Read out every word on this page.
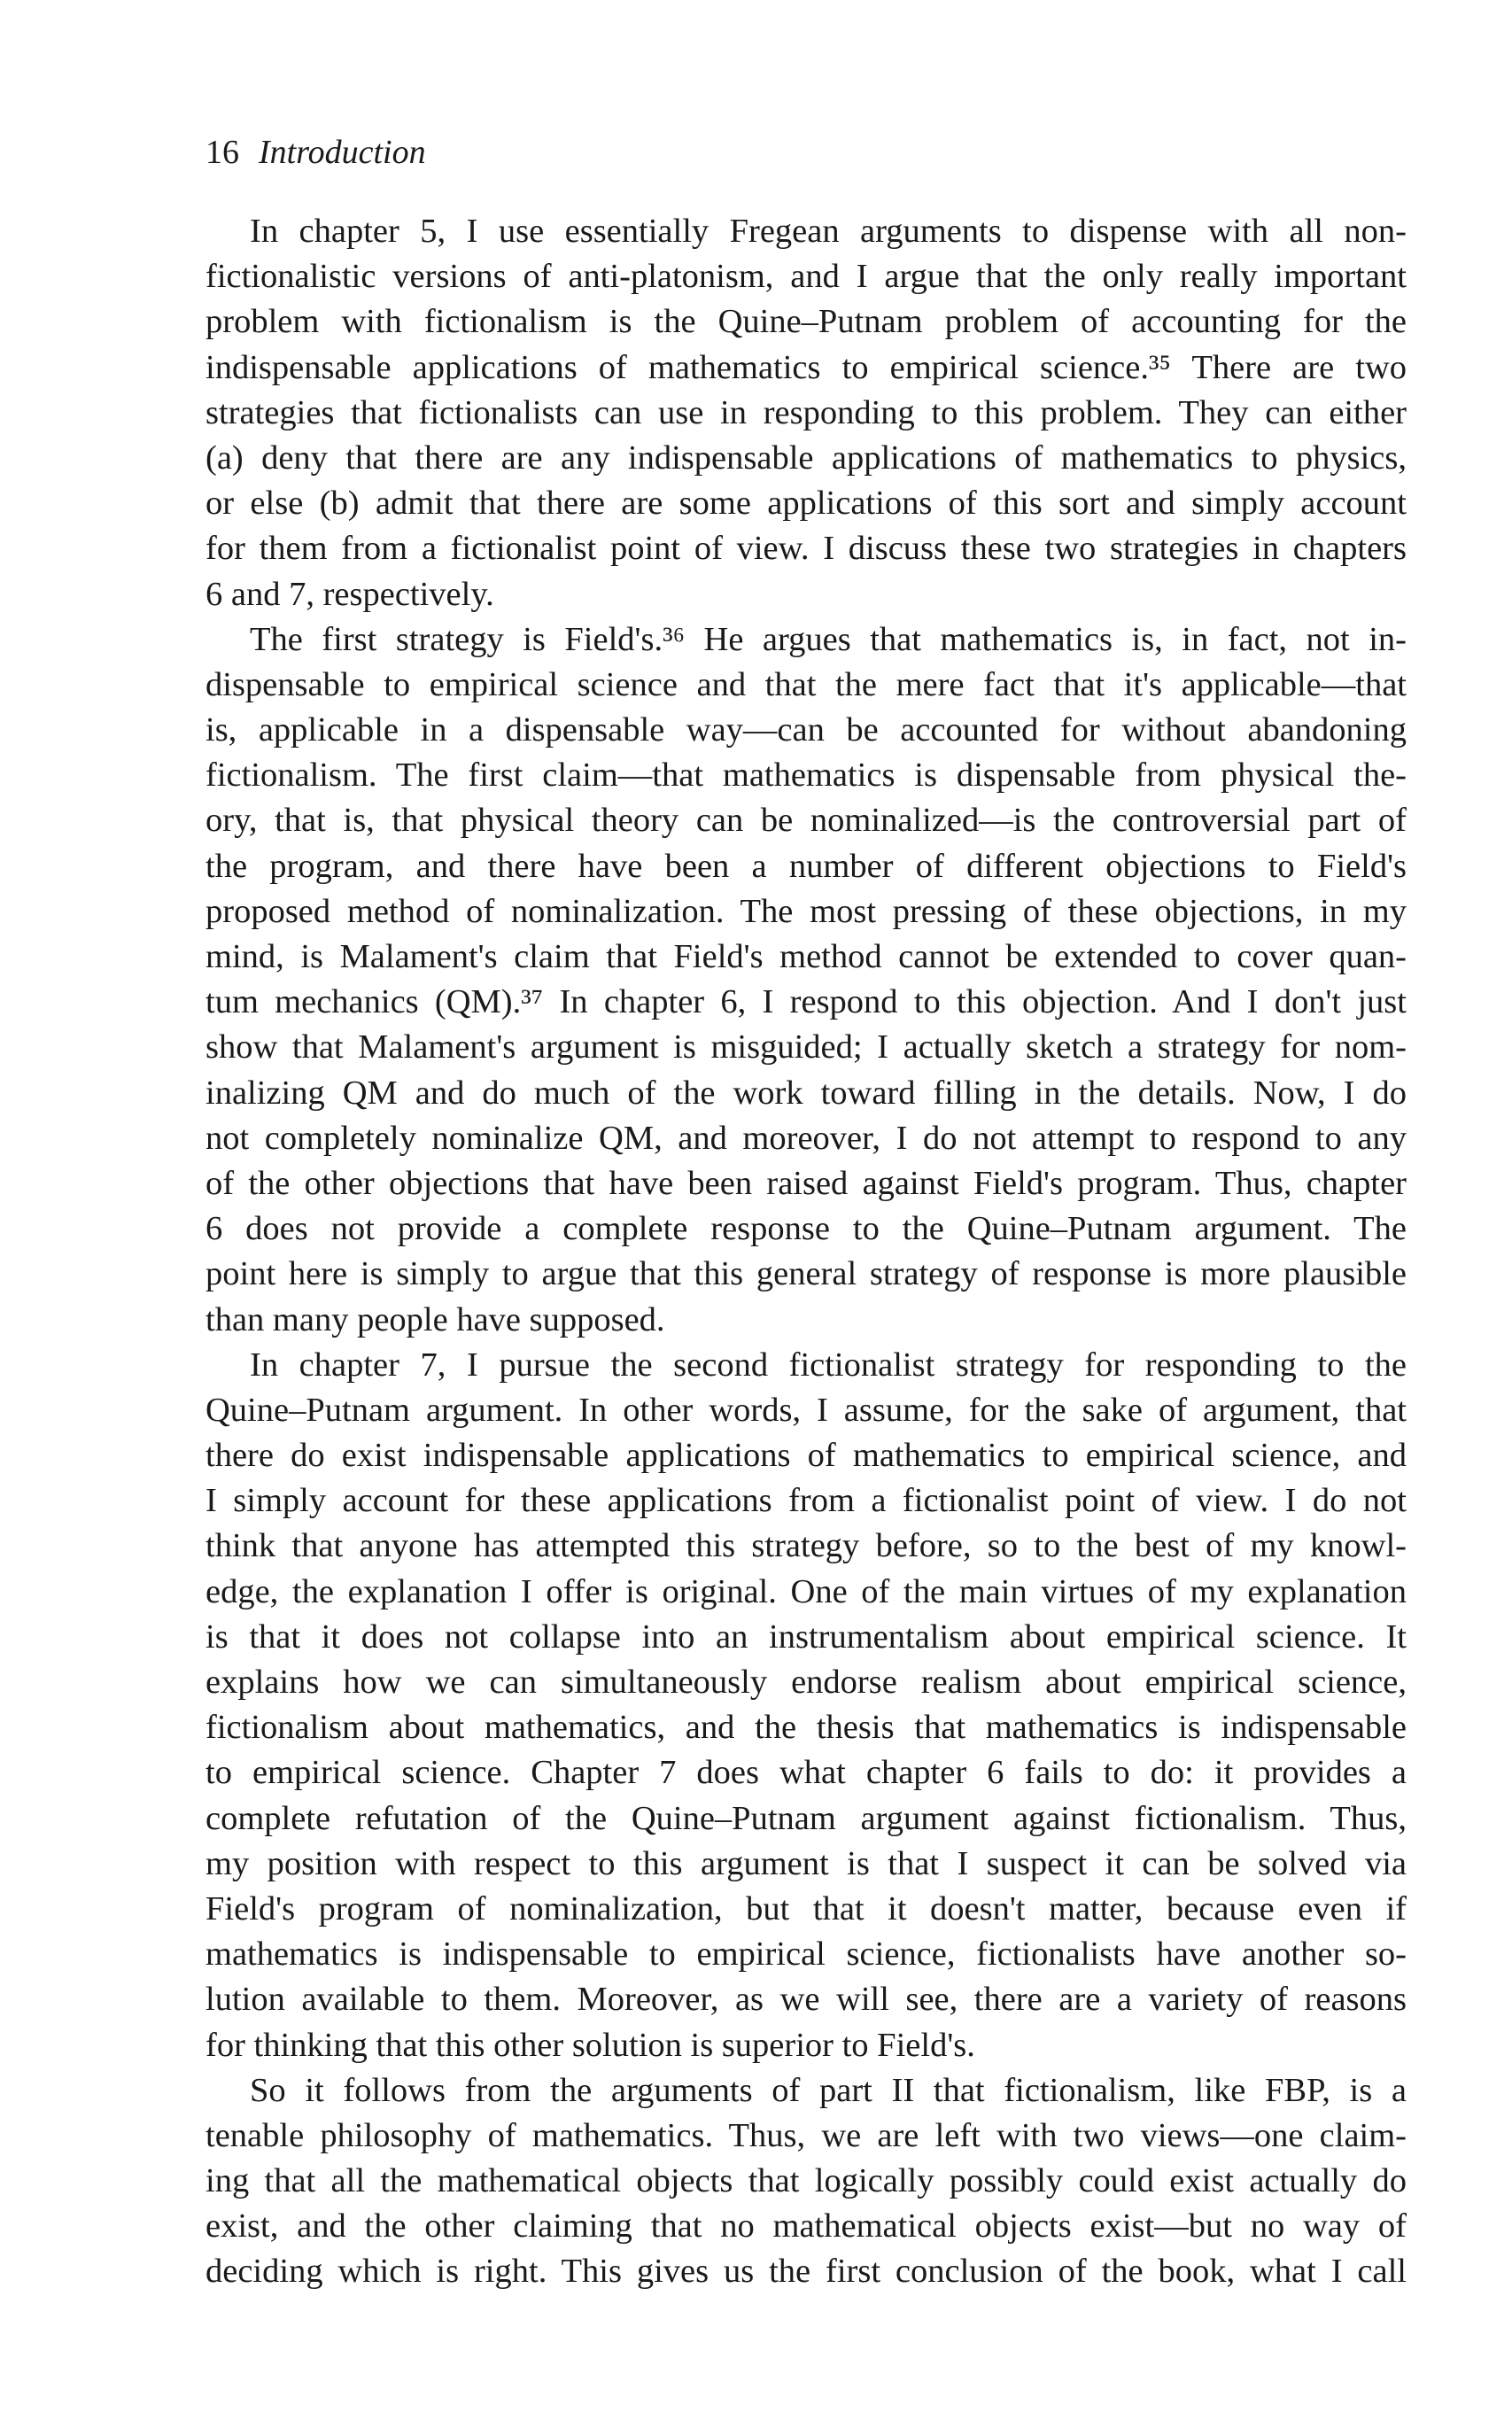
16 Introduction
In chapter 5, I use essentially Fregean arguments to dispense with all non-
fictionalistic versions of anti-platonism, and I argue that the only really important
problem with fictionalism is the Quine–Putnam problem of accounting for the
indispensable applications of mathematics to empirical science.³⁵ There are two
strategies that fictionalists can use in responding to this problem. They can either
(a) deny that there are any indispensable applications of mathematics to physics,
or else (b) admit that there are some applications of this sort and simply account
for them from a fictionalist point of view. I discuss these two strategies in chapters
6 and 7, respectively.
The first strategy is Field's.³⁶ He argues that mathematics is, in fact, not in-
dispensable to empirical science and that the mere fact that it's applicable—that
is, applicable in a dispensable way—can be accounted for without abandoning
fictionalism. The first claim—that mathematics is dispensable from physical the-
ory, that is, that physical theory can be nominalized—is the controversial part of
the program, and there have been a number of different objections to Field's
proposed method of nominalization. The most pressing of these objections, in my
mind, is Malament's claim that Field's method cannot be extended to cover quan-
tum mechanics (QM).³⁷ In chapter 6, I respond to this objection. And I don't just
show that Malament's argument is misguided; I actually sketch a strategy for nom-
inalizing QM and do much of the work toward filling in the details. Now, I do
not completely nominalize QM, and moreover, I do not attempt to respond to any
of the other objections that have been raised against Field's program. Thus, chapter
6 does not provide a complete response to the Quine–Putnam argument. The
point here is simply to argue that this general strategy of response is more plausible
than many people have supposed.
In chapter 7, I pursue the second fictionalist strategy for responding to the
Quine–Putnam argument. In other words, I assume, for the sake of argument, that
there do exist indispensable applications of mathematics to empirical science, and
I simply account for these applications from a fictionalist point of view. I do not
think that anyone has attempted this strategy before, so to the best of my knowl-
edge, the explanation I offer is original. One of the main virtues of my explanation
is that it does not collapse into an instrumentalism about empirical science. It
explains how we can simultaneously endorse realism about empirical science,
fictionalism about mathematics, and the thesis that mathematics is indispensable
to empirical science. Chapter 7 does what chapter 6 fails to do: it provides a
complete refutation of the Quine–Putnam argument against fictionalism. Thus,
my position with respect to this argument is that I suspect it can be solved via
Field's program of nominalization, but that it doesn't matter, because even if
mathematics is indispensable to empirical science, fictionalists have another so-
lution available to them. Moreover, as we will see, there are a variety of reasons
for thinking that this other solution is superior to Field's.
So it follows from the arguments of part II that fictionalism, like FBP, is a
tenable philosophy of mathematics. Thus, we are left with two views—one claim-
ing that all the mathematical objects that logically possibly could exist actually do
exist, and the other claiming that no mathematical objects exist—but no way of
deciding which is right. This gives us the first conclusion of the book, what I call
